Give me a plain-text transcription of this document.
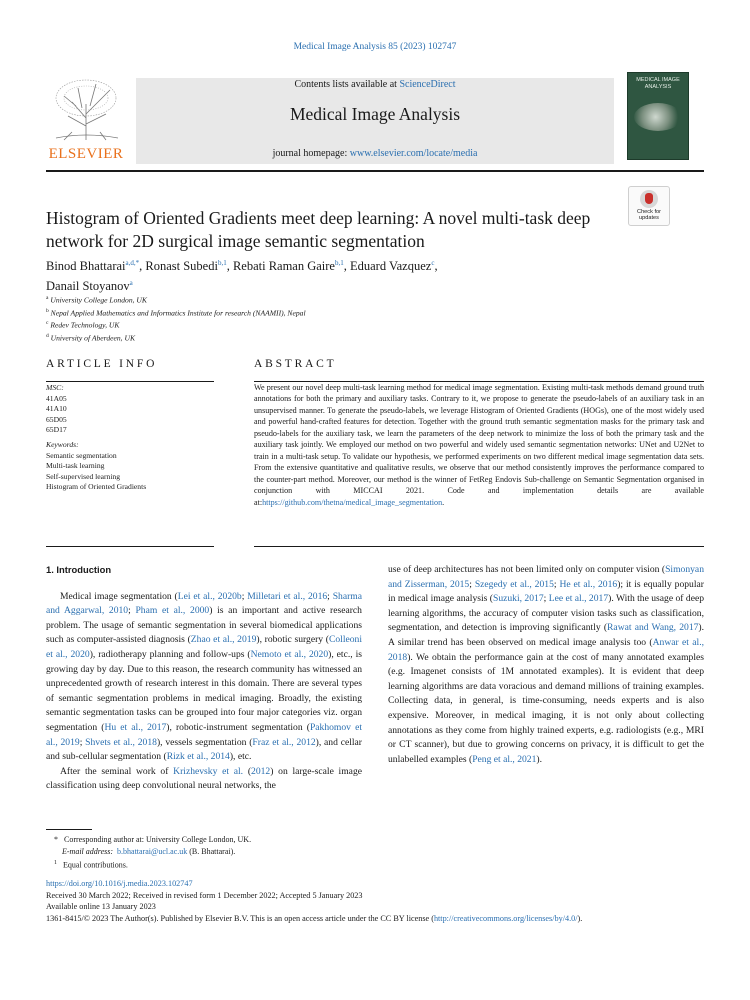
Medical Image Analysis 85 (2023) 102747
ELSEVIER
Contents lists available at ScienceDirect
Medical Image Analysis
journal homepage: www.elsevier.com/locate/media
MEDICAL IMAGE ANALYSIS
Histogram of Oriented Gradients meet deep learning: A novel multi-task deep network for 2D surgical image semantic segmentation
Check for updates
Binod Bhattarai$^{a,d,*}$, Ronast Subedi$^{b,1}$, Rebati Raman Gaire$^{b,1}$, Eduard Vazquez$^c$,
Danail Stoyanov$^a$
$^a$ University College London, UK
$^b$ Nepal Applied Mathematics and Informatics Institute for research (NAAMII), Nepal
$^c$ Redev Technology, UK
$^d$ University of Aberdeen, UK
ARTICLE INFO	ABSTRACT
MSC:
41A05
41A10
65D05
65D17
Keywords:
Semantic segmentation
Multi-task learning
Self-supervised learning
Histogram of Oriented Gradients
We present our novel deep multi-task learning method for medical image segmentation. Existing multi-task methods demand ground truth annotations for both the primary and auxiliary tasks. Contrary to it, we propose to generate the pseudo-labels of an auxiliary task in an unsupervised manner. To generate the pseudo-labels, we leverage Histogram of Oriented Gradients (HOGs), one of the most widely used and powerful hand-crafted features for detection. Together with the ground truth semantic segmentation masks for the primary task and pseudo-labels for the auxiliary task, we learn the parameters of the deep network to minimize the loss of both the primary task and the auxiliary task jointly. We employed our method on two powerful and widely used semantic segmentation networks: UNet and U2Net to train in a multi-task setup. To validate our hypothesis, we performed experiments on two different medical image segmentation data sets. From the extensive quantitative and qualitative results, we observe that our method consistently improves the performance compared to the counter-part method. Moreover, our method is the winner of FetReg Endovis Sub-challenge on Semantic Segmentation organised in conjunction with MICCAI 2021. Code and implementation details are available at:https://github.com/thetna/medical_image_segmentation.

1. Introduction

Medical image segmentation (Lei et al., 2020b; Milletari et al., 2016; Sharma and Aggarwal, 2010; Pham et al., 2000) is an important and active research problem. The usage of semantic segmentation in several biomedical applications such as computer-assisted diagnosis (Zhao et al., 2019), robotic surgery (Colleoni et al., 2020), radiotherapy planning and follow-ups (Nemoto et al., 2020), etc., is growing day by day. Due to this reason, the research community has witnessed an unprecedented growth of research interest in this domain. There are several types of semantic segmentation problems in medical imaging. Broadly, the existing semantic segmentation tasks can be grouped into four major categories viz. organ segmentation (Hu et al., 2017), robotic-instrument segmentation (Pakhomov et al., 2019; Shvets et al., 2018), vessels segmentation (Fraz et al., 2012), and cellar and sub-cellular segmentation (Rizk et al., 2014), etc.

After the seminal work of Krizhevsky et al. (2012) on large-scale image classification using deep convolutional neural networks, the

use of deep architectures has not been limited only on computer vision (Simonyan and Zisserman, 2015; Szegedy et al., 2015; He et al., 2016); it is equally popular in medical image analysis (Suzuki, 2017; Lee et al., 2017). With the usage of deep learning algorithms, the accuracy of computer vision tasks such as classification, segmentation, and detection is improving significantly (Rawat and Wang, 2017). A similar trend has been observed on medical image analysis too (Anwar et al., 2018). We obtain the performance gain at the cost of many annotated examples (e.g. Imagenet consists of 1M annotated examples). It is evident that deep learning algorithms are data voracious and demand millions of training examples. Collecting data, in general, is time-consuming, needs experts and is also expensive. Moreover, in medical imaging, it is not only about collecting annotations as they come from highly trained experts, e.g. radiologists (e.g., MRI or CT scanner), but due to growing concerns on privacy, it is difficult to get the unlabelled examples (Peng et al., 2021).

*   Corresponding author at: University College London, UK.
E-mail address: b.bhattarai@ucl.ac.uk (B. Bhattarai).
$^1$ Equal contributions.
https://doi.org/10.1016/j.media.2023.102747
Received 30 March 2022; Received in revised form 1 December 2022; Accepted 5 January 2023
Available online 13 January 2023
1361-8415/© 2023 The Author(s). Published by Elsevier B.V. This is an open access article under the CC BY license (http://creativecommons.org/licenses/by/4.0/).
